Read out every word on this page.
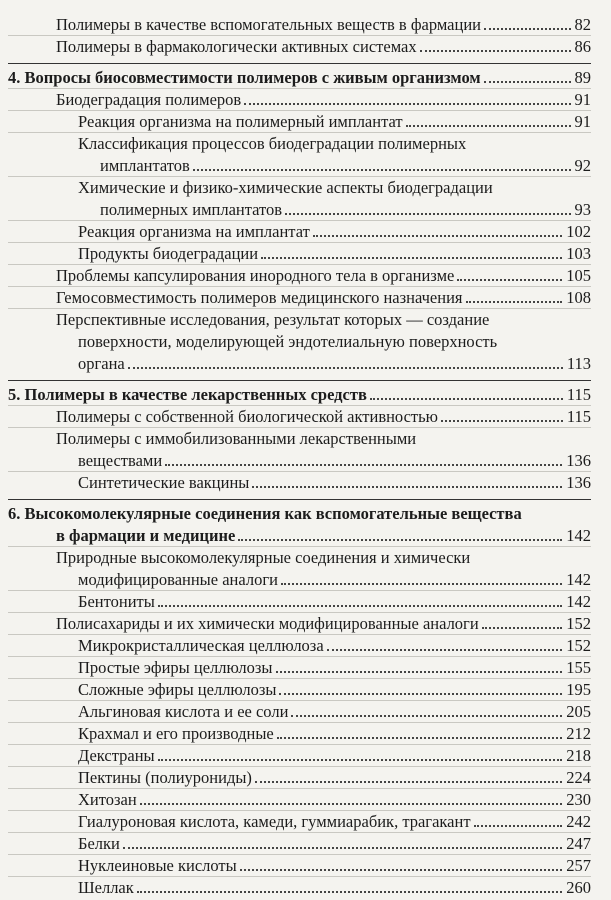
Полимеры в качестве вспомогательных веществ в фармации	82
Полимеры в фармакологически активных системах	86
4. Вопросы биосовместимости полимеров с живым организмом	89
Биодеградация полимеров	91
Реакция организма на полимерный имплантат	91
Классификация процессов биодеградации полимерных
имплантатов	92
Химические и физико-химические аспекты биодеградации
полимерных имплантатов	93
Реакция организма на имплантат	102
Продукты биодеградации	103
Проблемы капсулирования инородного тела в организме	105
Гемосовместимость полимеров медицинского назначения	108
Перспективные исследования, результат которых — создание
поверхности, моделирующей эндотелиальную поверхность
органа	113
5. Полимеры в качестве лекарственных средств	115
Полимеры с собственной биологической активностью	115
Полимеры с иммобилизованными лекарственными
веществами	136
Синтетические вакцины	136
6. Высокомолекулярные соединения как вспомогательные вещества
в фармации и медицине	142
Природные высокомолекулярные соединения и химически
модифицированные аналоги	142
Бентониты	142
Полисахариды и их химически модифицированные аналоги	152
Микрокристаллическая целлюлоза	152
Простые эфиры целлюлозы	155
Сложные эфиры целлюлозы	195
Альгиновая кислота и ее соли	205
Крахмал и его производные	212
Декстраны	218
Пектины (полиурониды)	224
Хитозан	230
Гиалуроновая кислота, камеди, гуммиарабик, трагакант	242
Белки	247
Нуклеиновые кислоты	257
Шеллак	260
